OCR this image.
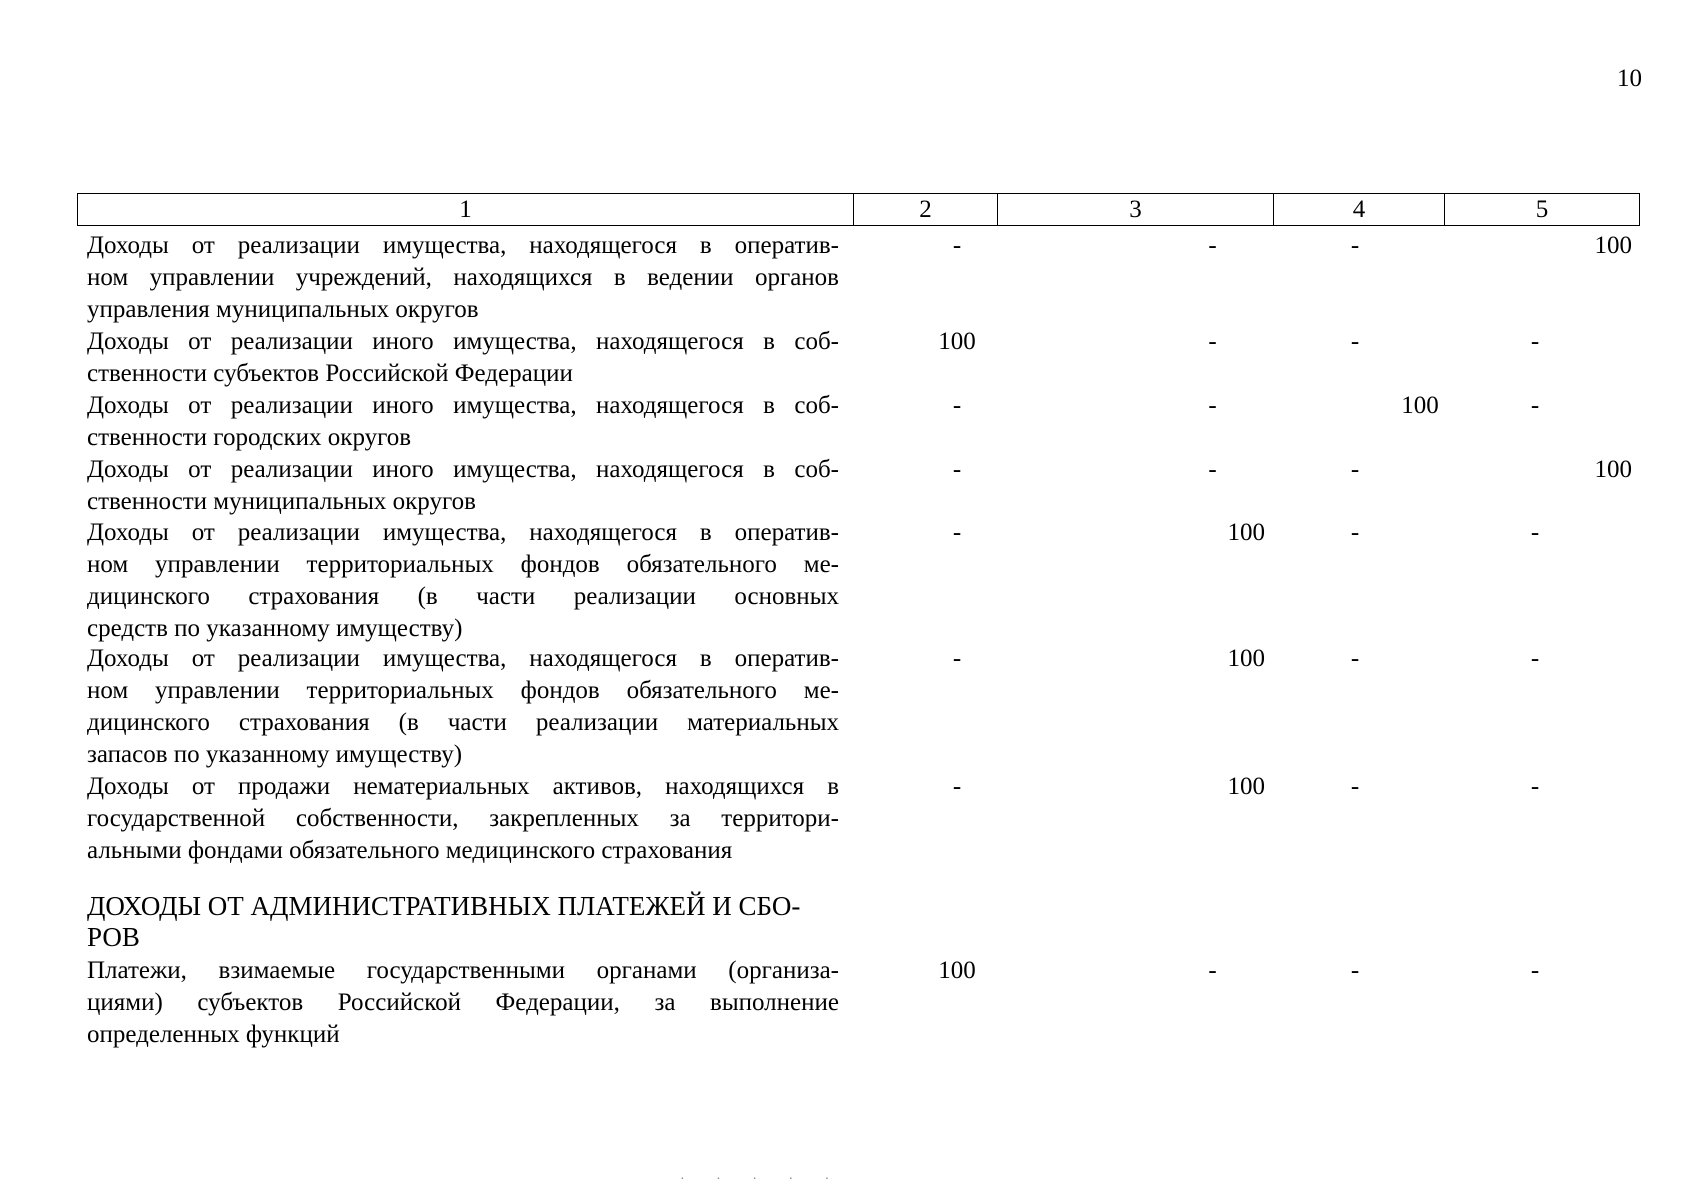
10
1	2	3	4	5
Доходы от реализации имущества, находящегося в оператив-
ном управлении учреждений, находящихся в ведении органов
управления муниципальных округов
-	-	-	100
Доходы от реализации иного имущества, находящегося в соб-
ственности субъектов Российской Федерации
100	-	-	-
Доходы от реализации иного имущества, находящегося в соб-
ственности городских округов
-	-	100	-
Доходы от реализации иного имущества, находящегося в соб-
ственности муниципальных округов
-	-	-	100
Доходы от реализации имущества, находящегося в оператив-
ном управлении территориальных фондов обязательного ме-
дицинского страхования (в части реализации основных
средств по указанному имуществу)
-	100	-	-
Доходы от реализации имущества, находящегося в оператив-
ном управлении территориальных фондов обязательного ме-
дицинского страхования (в части реализации материальных
запасов по указанному имуществу)
-	100	-	-
Доходы от продажи нематериальных активов, находящихся в
государственной собственности, закрепленных за территори-
альными фондами обязательного медицинского страхования
-	100	-	-
ДОХОДЫ ОТ АДМИНИСТРАТИВНЫХ ПЛАТЕЖЕЙ И СБО-
РОВ
Платежи, взимаемые государственными органами (организа-
циями) субъектов Российской Федерации, за выполнение
определенных функций
100	-	-	-
· · · · ·
